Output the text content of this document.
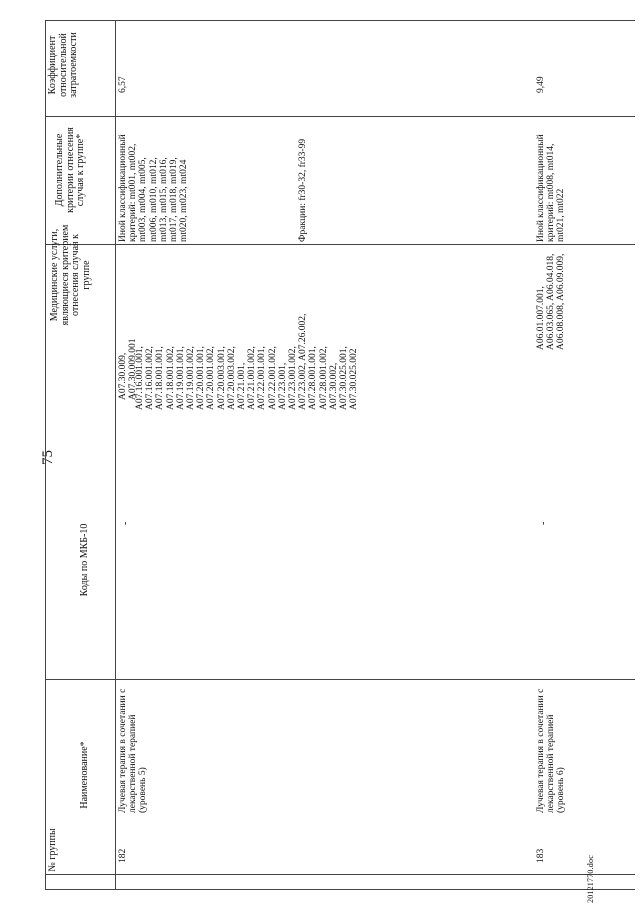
75
№ группы
Наименование*
Коды по МКБ-10
Медицинские услуги, являющиеся критерием отнесения случая к группе
Дополнительные критерии отнесения случая к группе*
Коэффициент относительной затратоемкости
A07.16.001.001,
A07.16.001.002,
A07.18.001.001,
A07.18.001.002,
A07.19.001.001,
A07.19.001.002,
A07.20.001.001,
A07.20.001.002,
A07.20.003.001,
A07.20.003.002,
A07.21.001,
A07.21.001.002,
A07.22.001.001,
A07.22.001.002,
A07.23.001,
A07.23.001.002,
A07.23.002, A07.26.002,
A07.28.001.001,
A07.28.001.002,
A07.30.002,
A07.30.025.001,
A07.30.025.002
182
Лучевая терапия в сочетании с
лекарственной терапией
(уровень 5)
-
A07.30.009,
A07.30.009.001
Иной классификационный
критерий: mt001, mt002,
mt003, mt004, mt005,
mt006, mt010, mt012,
mt013, mt015, mt016,
mt017, mt018, mt019,
mt020, mt023, mt024	Фракции: fr30-32, fr33-99
6,57
183
Лучевая терапия в сочетании с
лекарственной терапией
(уровень 6)
-
A06.01.007.001,
A06.03.065, A06.04.018,
A06.08.008, A06.09.009,
Иной классификационный
критерий: mt008, mt014,
mt021, mt022
9,49
20121770.doc
